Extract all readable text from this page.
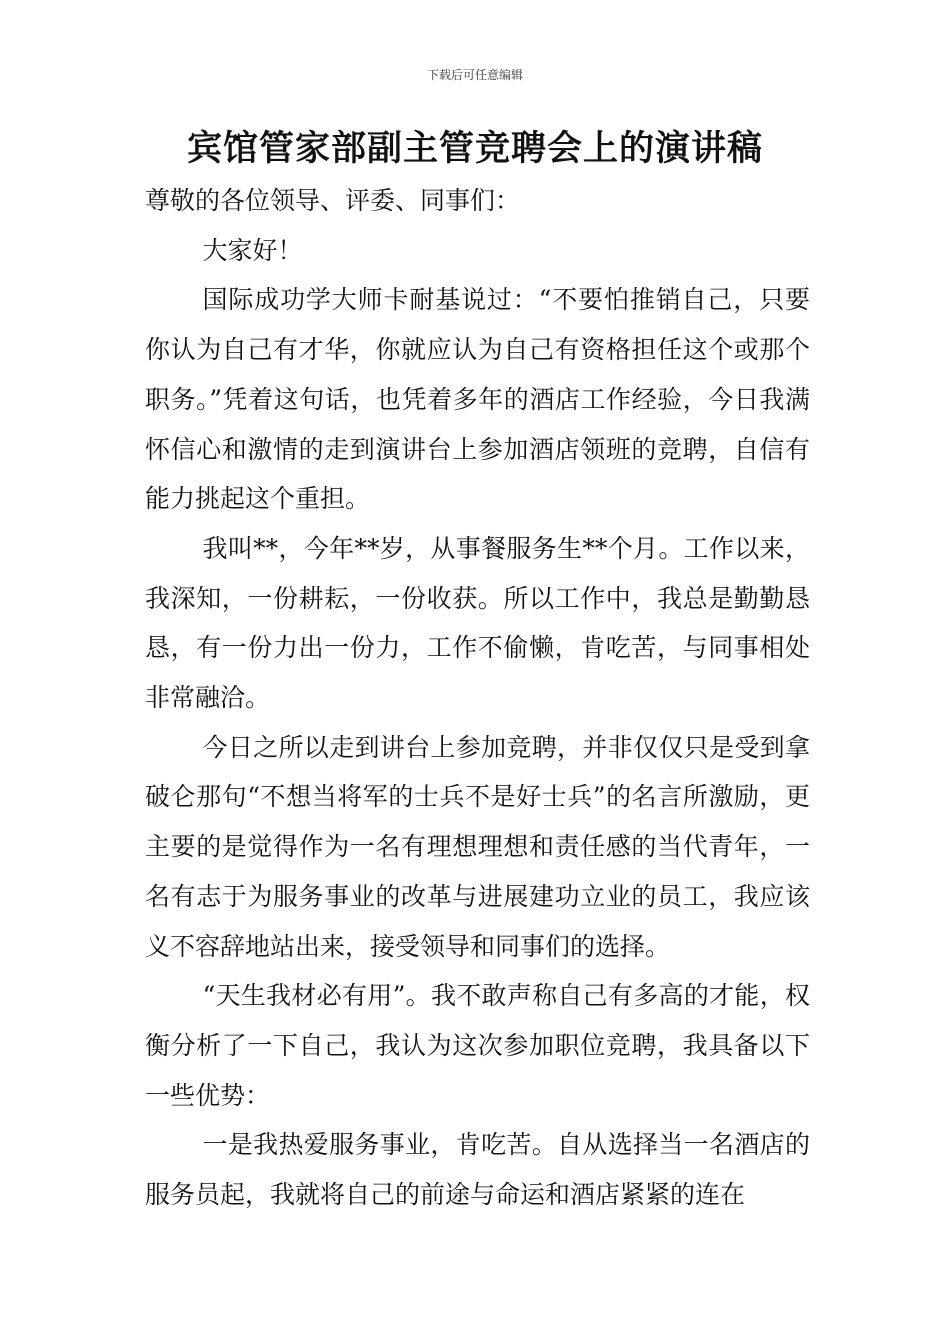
下载后可任意编辑
宾馆管家部副主管竞聘会上的演讲稿

尊敬的各位领导、评委、同事们：

大家好！

国际成功学大师卡耐基说过：“不要怕推销自己，只要你认为自己有才华，你就应认为自己有资格担任这个或那个职务。”凭着这句话，也凭着多年的酒店工作经验，今日我满怀信心和激情的走到演讲台上参加酒店领班的竞聘，自信有能力挑起这个重担。

我叫**，今年**岁，从事餐服务生**个月。工作以来，我深知，一份耕耘，一份收获。所以工作中，我总是勤勤恳恳，有一份力出一份力，工作不偷懒，肯吃苦，与同事相处非常融洽。

今日之所以走到讲台上参加竞聘，并非仅仅只是受到拿破仑那句“不想当将军的士兵不是好士兵”的名言所激励，更主要的是觉得作为一名有理想理想和责任感的当代青年，一名有志于为服务事业的改革与进展建功立业的员工，我应该义不容辞地站出来，接受领导和同事们的选择。

“天生我材必有用”。我不敢声称自己有多高的才能，权衡分析了一下自己，我认为这次参加职位竞聘，我具备以下一些优势：

一是我热爱服务事业，肯吃苦。自从选择当一名酒店的服务员起，我就将自己的前途与命运和酒店紧紧的连在
